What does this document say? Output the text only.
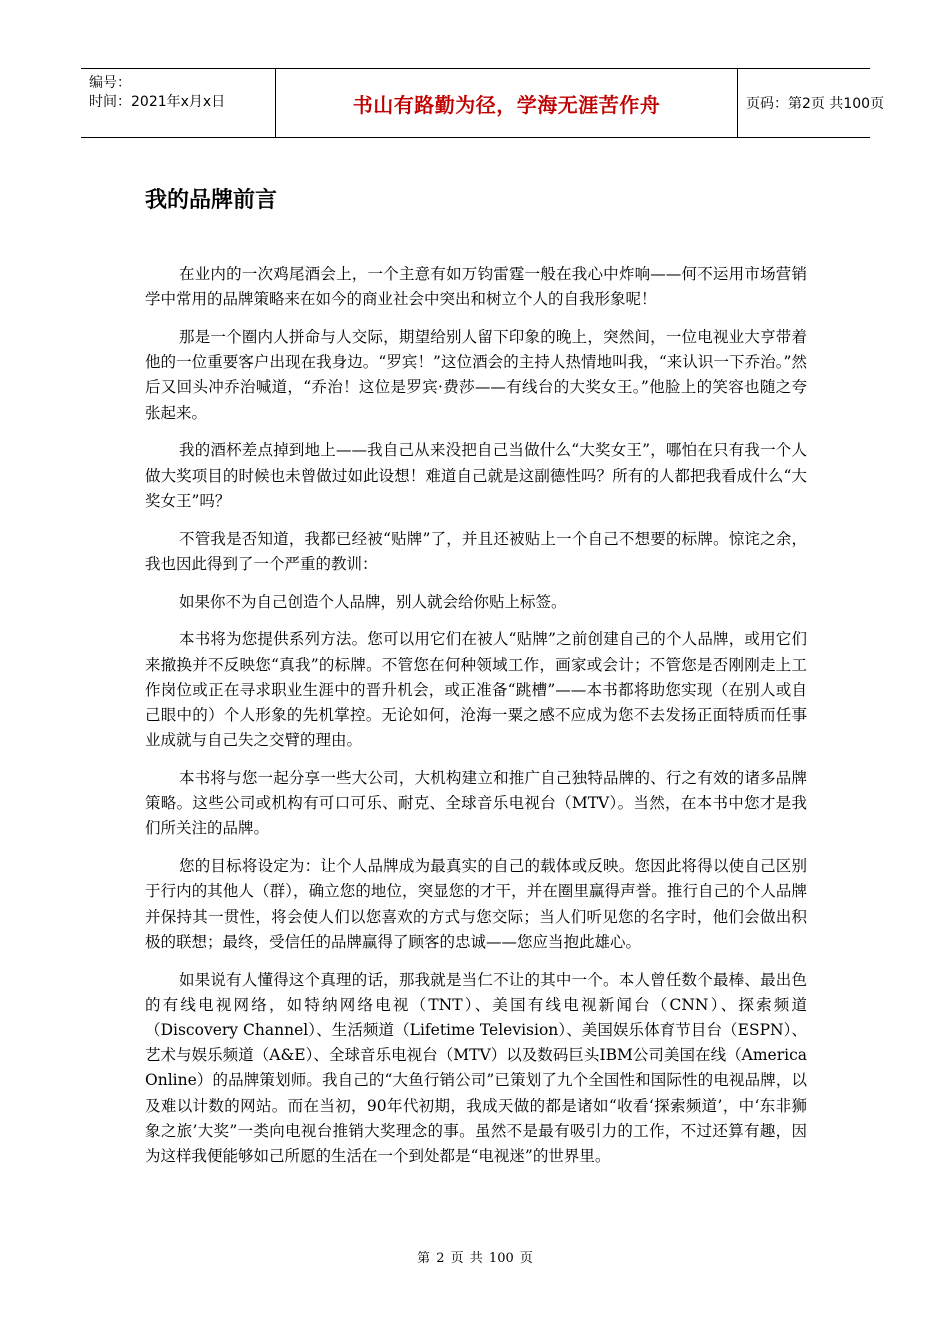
编号：
时间：2021年x月x日	书山有路勤为径，学海无涯苦作舟	页码：第2页 共100页
我的品牌前言

在业内的一次鸡尾酒会上，一个主意有如万钧雷霆一般在我心中炸响——何不运用市场营销学中常用的品牌策略来在如今的商业社会中突出和树立个人的自我形象呢！

那是一个圈内人拼命与人交际，期望给别人留下印象的晚上，突然间，一位电视业大亨带着他的一位重要客户出现在我身边。“罗宾！”这位酒会的主持人热情地叫我，“来认识一下乔治。”然后又回头冲乔治喊道，“乔治！这位是罗宾·费莎——有线台的大奖女王。”他脸上的笑容也随之夸张起来。

我的酒杯差点掉到地上——我自己从来没把自己当做什么“大奖女王”，哪怕在只有我一个人做大奖项目的时候也未曾做过如此设想！难道自己就是这副德性吗？所有的人都把我看成什么“大奖女王”吗？

不管我是否知道，我都已经被“贴牌”了，并且还被贴上一个自己不想要的标牌。惊诧之余，我也因此得到了一个严重的教训：

如果你不为自己创造个人品牌，别人就会给你贴上标签。

本书将为您提供系列方法。您可以用它们在被人“贴牌”之前创建自己的个人品牌，或用它们来撤换并不反映您“真我”的标牌。不管您在何种领域工作，画家或会计；不管您是否刚刚走上工作岗位或正在寻求职业生涯中的晋升机会，或正准备“跳槽”——本书都将助您实现（在别人或自己眼中的）个人形象的先机掌控。无论如何，沧海一粟之感不应成为您不去发扬正面特质而任事业成就与自己失之交臂的理由。

本书将与您一起分享一些大公司，大机构建立和推广自己独特品牌的、行之有效的诸多品牌策略。这些公司或机构有可口可乐、耐克、全球音乐电视台（MTV）。当然，在本书中您才是我们所关注的品牌。

您的目标将设定为：让个人品牌成为最真实的自己的载体或反映。您因此将得以使自己区别于行内的其他人（群），确立您的地位，突显您的才干，并在圈里赢得声誉。推行自己的个人品牌并保持其一贯性，将会使人们以您喜欢的方式与您交际；当人们听见您的名字时，他们会做出积极的联想；最终，受信任的品牌赢得了顾客的忠诚——您应当抱此雄心。

如果说有人懂得这个真理的话，那我就是当仁不让的其中一个。本人曾任数个最棒、最出色的有线电视网络，如特纳网络电视（TNT）、美国有线电视新闻台（CNN）、探索频道（Discovery Channel）、生活频道（Lifetime Television）、美国娱乐体育节目台（ESPN）、艺术与娱乐频道（A&E）、全球音乐电视台（MTV）以及数码巨头IBM公司美国在线（America Online）的品牌策划师。我自己的“大鱼行销公司”已策划了九个全国性和国际性的电视品牌，以及难以计数的网站。而在当初，90年代初期，我成天做的都是诸如“收看‘探索频道’，中‘东非狮象之旅’大奖”一类向电视台推销大奖理念的事。虽然不是最有吸引力的工作，不过还算有趣，因为这样我便能够如己所愿的生活在一个到处都是“电视迷”的世界里。

第 2 页 共 100 页
